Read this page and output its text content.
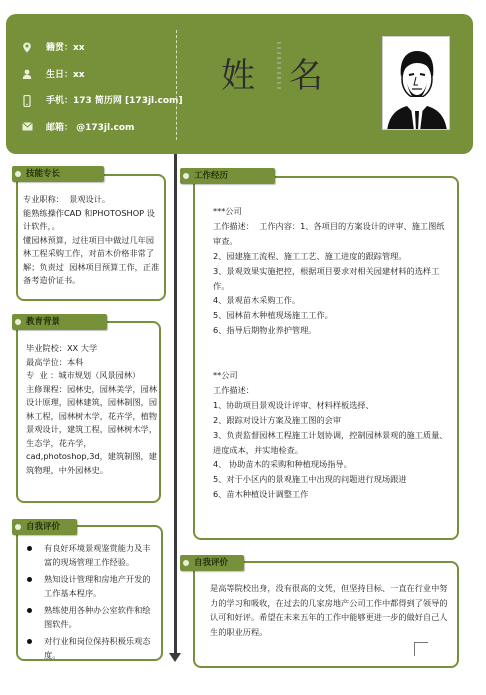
籍贯：xx
生日：xx
手机：173 简历网 [173jl.com]
邮箱： @173jl.com
姓 名
专业职称：  景观设计。
能熟练操作CAD 和PHOTOSHOP 设计软件，。
懂园林预算，过往项目中做过几年园林工程采购工作，对苗木价格非常了解；负责过  园林项目预算工作，正准备考造价证书。
技能专长
毕业院校：XX 大学
最高学位：本科
专  业 ：城市规划（风景园林）
主修课程：园林史，园林美学，园林设计原理，园林建筑，园林制图，园林工程，园林树木学，花卉学，植物景观设计，建筑工程，园林树木学，生态学，花卉学，cad,photoshop,3d，建筑制图，建筑物理，中外园林史。
教育背景
自我评价
有良好环境景观鉴赏能力及丰富的现场管理工作经验。
熟知设计管理和房地产开发的工作基本程序。
熟练使用各种办公室软件和绘图软件。
对行业和岗位保持积极乐观态度。
***公司
工作描述：  工作内容：1、各项目的方案设计的评审、施工图纸审查。
2、园建施工流程、施工工艺、施工进度的跟踪管理。
3、景观效果实施把控，根据项目要求对相关园建材料的选样工作。
4、景观苗木采购工作。
5、园林苗木种植现场施工工作。
6、指导后期物业养护管理。

**公司
工作描述：
1、协助项目景观设计评审、材料样板选择、
2、跟踪对设计方案及施工图的会审
3、负责监督园林工程施工计划协调，控制园林景观的施工质量、进度成本，并实地检查。
4、 协助苗木的采购和种植现场指导。
5、对于小区内的景观施工中出现的问题进行现场跟进
6、苗木种植设计调整工作
工作经历
是高等院校出身，没有很高的文凭，但坚持目标、一直在行业中努力的学习和吸收，在过去的几家房地产公司工作中都得到了领导的认可和好评。希望在未来五年的工作中能够更进一步的做好自己人生的职业历程。
自我评价
